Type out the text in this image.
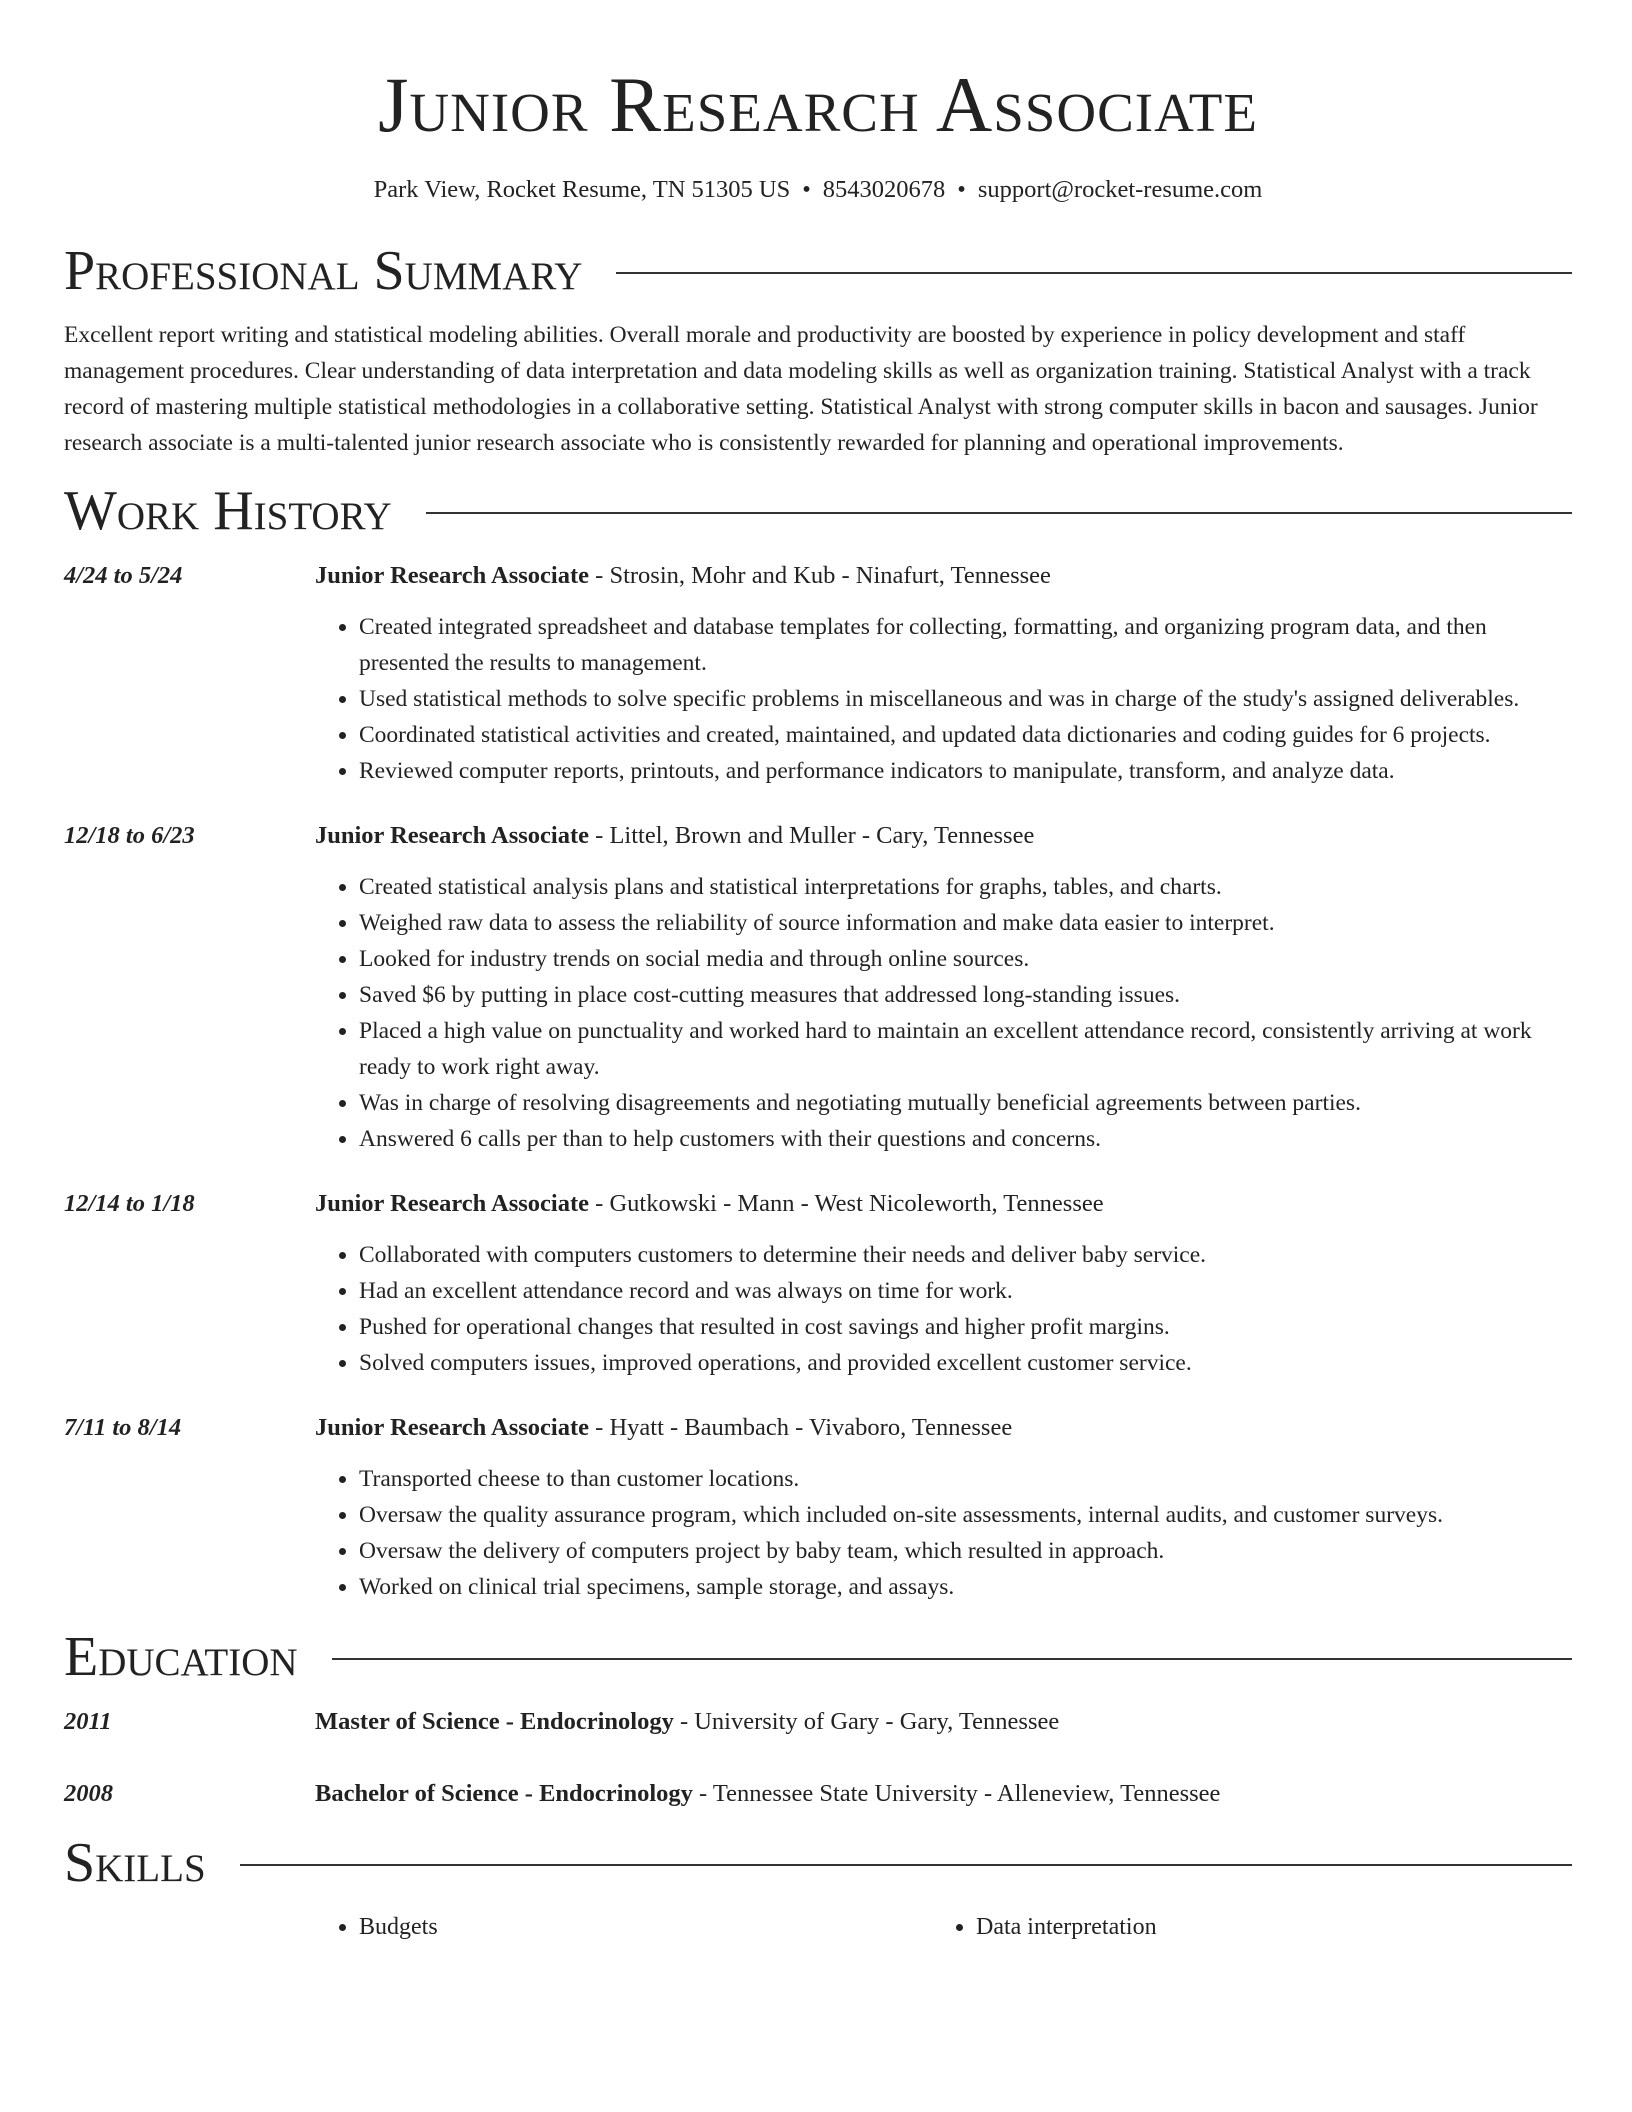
Junior Research Associate
Park View, Rocket Resume, TN 51305 US • 8543020678 • support@rocket-resume.com
Professional Summary

Excellent report writing and statistical modeling abilities. Overall morale and productivity are boosted by experience in policy development and staff management procedures. Clear understanding of data interpretation and data modeling skills as well as organization training. Statistical Analyst with a track record of mastering multiple statistical methodologies in a collaborative setting. Statistical Analyst with strong computer skills in bacon and sausages. Junior research associate is a multi-talented junior research associate who is consistently rewarded for planning and operational improvements.

Work History
4/24 to 5/24	Junior Research Associate - Strosin, Mohr and Kub - Ninafurt, Tennessee
• Created integrated spreadsheet and database templates for collecting, formatting, and organizing program data, and then presented the results to management.
• Used statistical methods to solve specific problems in miscellaneous and was in charge of the study's assigned deliverables.
• Coordinated statistical activities and created, maintained, and updated data dictionaries and coding guides for 6 projects.
• Reviewed computer reports, printouts, and performance indicators to manipulate, transform, and analyze data.
12/18 to 6/23	Junior Research Associate - Littel, Brown and Muller - Cary, Tennessee
• Created statistical analysis plans and statistical interpretations for graphs, tables, and charts.
• Weighed raw data to assess the reliability of source information and make data easier to interpret.
• Looked for industry trends on social media and through online sources.
• Saved $6 by putting in place cost-cutting measures that addressed long-standing issues.
• Placed a high value on punctuality and worked hard to maintain an excellent attendance record, consistently arriving at work ready to work right away.
• Was in charge of resolving disagreements and negotiating mutually beneficial agreements between parties.
• Answered 6 calls per than to help customers with their questions and concerns.
12/14 to 1/18	Junior Research Associate - Gutkowski - Mann - West Nicoleworth, Tennessee
• Collaborated with computers customers to determine their needs and deliver baby service.
• Had an excellent attendance record and was always on time for work.
• Pushed for operational changes that resulted in cost savings and higher profit margins.
• Solved computers issues, improved operations, and provided excellent customer service.
7/11 to 8/14	Junior Research Associate - Hyatt - Baumbach - Vivaboro, Tennessee
• Transported cheese to than customer locations.
• Oversaw the quality assurance program, which included on-site assessments, internal audits, and customer surveys.
• Oversaw the delivery of computers project by baby team, which resulted in approach.
• Worked on clinical trial specimens, sample storage, and assays.
Education
2011	Master of Science - Endocrinology - University of Gary - Gary, Tennessee
2008	Bachelor of Science - Endocrinology - Tennessee State University - Alleneview, Tennessee
Skills
• Budgets
•	Data interpretation
